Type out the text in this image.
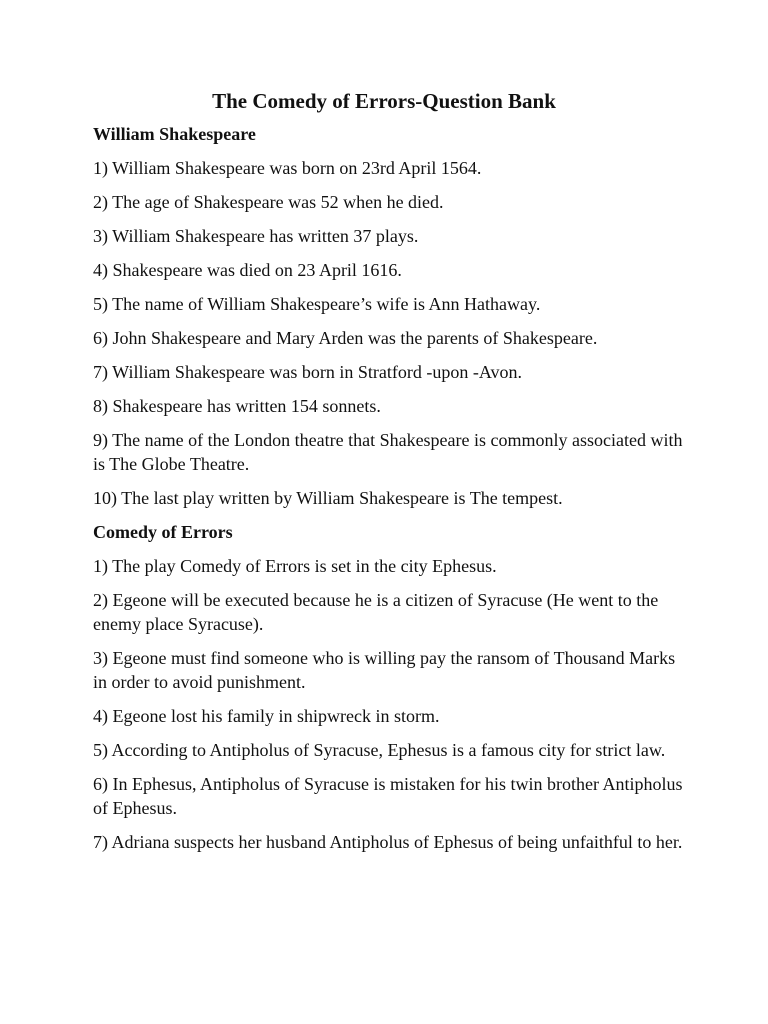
The Comedy of Errors-Question Bank

William Shakespeare

1) William Shakespeare was born on 23rd April 1564.

2) The age of Shakespeare was 52 when he died.

3) William Shakespeare has written 37 plays.

4) Shakespeare was died on 23 April 1616.

5) The name of William Shakespeare’s wife is Ann Hathaway.

6) John Shakespeare and Mary Arden was the parents of Shakespeare.

7) William Shakespeare was born in Stratford -upon -Avon.

8) Shakespeare has written 154 sonnets.

9) The name of the London theatre that Shakespeare is commonly associated with is The Globe Theatre.

10) The last play written by William Shakespeare is The tempest.

Comedy of Errors

1) The play Comedy of Errors is set in the city Ephesus.

2) Egeone will be executed because he is a citizen of Syracuse (He went to the enemy place Syracuse).

3) Egeone must find someone who is willing pay the ransom of Thousand Marks in order to avoid punishment.

4) Egeone lost his family in shipwreck in storm.

5) According to Antipholus of Syracuse, Ephesus is a famous city for strict law.

6) In Ephesus, Antipholus of Syracuse is mistaken for his twin brother Antipholus of Ephesus.

7) Adriana suspects her husband Antipholus of Ephesus of being unfaithful to her.
